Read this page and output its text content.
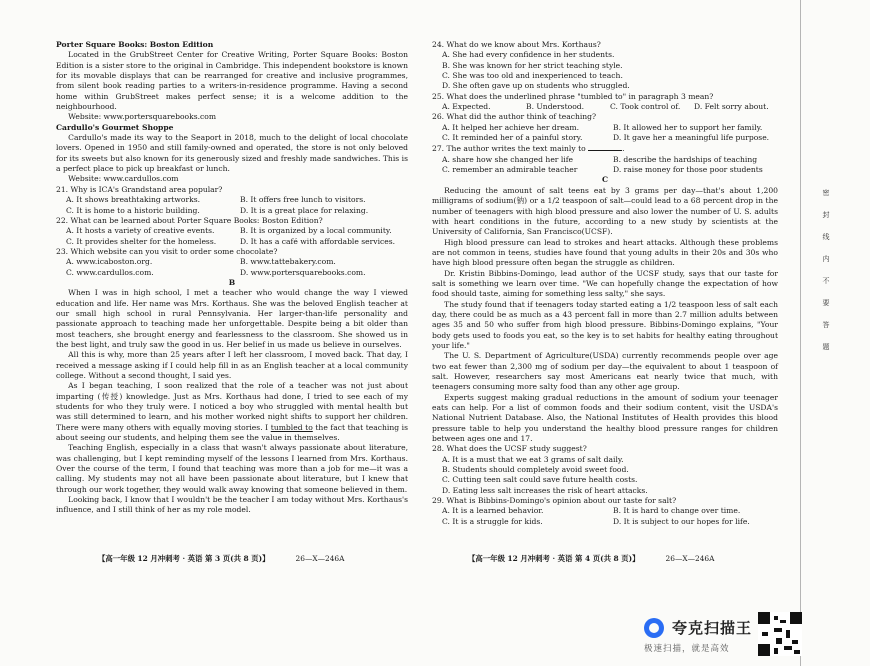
Porter Square Books: Boston Edition

Located in the GrubStreet Center for Creative Writing, Porter Square Books: Boston Edition is a sister store to the original in Cambridge. This independent bookstore is known for its movable displays that can be rearranged for creative and inclusive programmes, from silent book reading parties to a writers-in-residence programme. Having a second home within GrubStreet makes perfect sense; it is a welcome addition to the neighbourhood.

Website: www.portersquarebooks.com

Cardullo's Gourmet Shoppe

Cardullo's made its way to the Seaport in 2018, much to the delight of local chocolate lovers. Opened in 1950 and still family-owned and operated, the store is not only beloved for its sweets but also known for its generously sized and freshly made sandwiches. This is a perfect place to pick up breakfast or lunch.

Website: www.cardullos.com

21. Why is ICA's Grandstand area popular?

A. It shows breathtaking artworks.	B. It offers free lunch to visitors.
C. It is home to a historic building.	D. It is a great place for relaxing.

22. What can be learned about Porter Square Books: Boston Edition?

A. It hosts a variety of creative events.	B. It is organized by a local community.
C. It provides shelter for the homeless.	D. It has a café with affordable services.

23. Which website can you visit to order some chocolate?

A. www.icaboston.org.	B. www.tattebakery.com.
C. www.cardullos.com.	D. www.portersquarebooks.com.

B

When I was in high school, I met a teacher who would change the way I viewed education and life. Her name was Mrs. Korthaus. She was the beloved English teacher at our small high school in rural Pennsylvania. Her larger-than-life personality and passionate approach to teaching made her unforgettable. Despite being a bit older than most teachers, she brought energy and fearlessness to the classroom. She showed us in the best light, and truly saw the good in us. Her belief in us made us believe in ourselves.

All this is why, more than 25 years after I left her classroom, I moved back. That day, I received a message asking if I could help fill in as an English teacher at a local community college. Without a second thought, I said yes.

As I began teaching, I soon realized that the role of a teacher was not just about imparting (传授) knowledge. Just as Mrs. Korthaus had done, I tried to see each of my students for who they truly were. I noticed a boy who struggled with mental health but was still determined to learn, and his mother worked night shifts to support her children. There were many others with equally moving stories. I tumbled to the fact that teaching is about seeing our students, and helping them see the value in themselves.

Teaching English, especially in a class that wasn't always passionate about literature, was challenging, but I kept reminding myself of the lessons I learned from Mrs. Korthaus. Over the course of the term, I found that teaching was more than a job for me—it was a calling. My students may not all have been passionate about literature, but I knew that through our work together, they would walk away knowing that someone believed in them.

Looking back, I know that I wouldn't be the teacher I am today without Mrs. Korthaus's influence, and I still think of her as my role model.

24. What do we know about Mrs. Korthaus?

A. She had every confidence in her students.

B. She was known for her strict teaching style.

C. She was too old and inexperienced to teach.

D. She often gave up on students who struggled.

25. What does the underlined phrase "tumbled to" in paragraph 3 mean?

A. Expected.	B. Understood.	C. Took control of.	D. Felt sorry about.

26. What did the author think of teaching?

A. It helped her achieve her dream.	B. It allowed her to support her family.
C. It reminded her of a painful story.	D. It gave her a meaningful life purpose.

27. The author writes the text mainly to	.

A. share how she changed her life	B. describe the hardships of teaching
C. remember an admirable teacher	D. raise money for those poor students

C

Reducing the amount of salt teens eat by 3 grams per day—that's about 1,200 milligrams of sodium(钠) or a 1/2 teaspoon of salt—could lead to a 68 percent drop in the number of teenagers with high blood pressure and also lower the number of U. S. adults with heart conditions in the future, according to a new study by scientists at the University of California, San Francisco(UCSF).

High blood pressure can lead to strokes and heart attacks. Although these problems are not common in teens, studies have found that young adults in their 20s and 30s who have high blood pressure often began the struggle as children.

Dr. Kristin Bibbins-Domingo, lead author of the UCSF study, says that our taste for salt is something we learn over time. "We can hopefully change the expectation of how food should taste, aiming for something less salty," she says.

The study found that if teenagers today started eating a 1/2 teaspoon less of salt each day, there could be as much as a 43 percent fall in more than 2.7 million adults between ages 35 and 50 who suffer from high blood pressure. Bibbins-Domingo explains, "Your body gets used to foods you eat, so the key is to set habits for healthy eating throughout your life."

The U. S. Department of Agriculture(USDA) currently recommends people over age two eat fewer than 2,300 mg of sodium per day—the equivalent to about 1 teaspoon of salt. However, researchers say most Americans eat nearly twice that much, with teenagers consuming more salty food than any other age group.

Experts suggest making gradual reductions in the amount of sodium your teenager eats can help. For a list of common foods and their sodium content, visit the USDA's National Nutrient Database. Also, the National Institutes of Health provides this blood pressure table to help you understand the healthy blood pressure ranges for children between ages one and 17.

28. What does the UCSF study suggest?

A. It is a must that we eat 3 grams of salt daily.

B. Students should completely avoid sweet food.

C. Cutting teen salt could save future health costs.

D. Eating less salt increases the risk of heart attacks.

29. What is Bibbins-Domingo's opinion about our taste for salt?

A. It is a learned behavior.	B. It is hard to change over time.
C. It is a struggle for kids.	D. It is subject to our hopes for life.
【高一年级 12 月冲刺考 · 英语 第 3 页(共 8 页)】	26—X—246A	【高一年级 12 月冲刺考 · 英语 第 4 页(共 8 页)】	26—X—246A
密
封
线
内
不
要
答
题
夸克扫描王
极速扫描，就是高效
